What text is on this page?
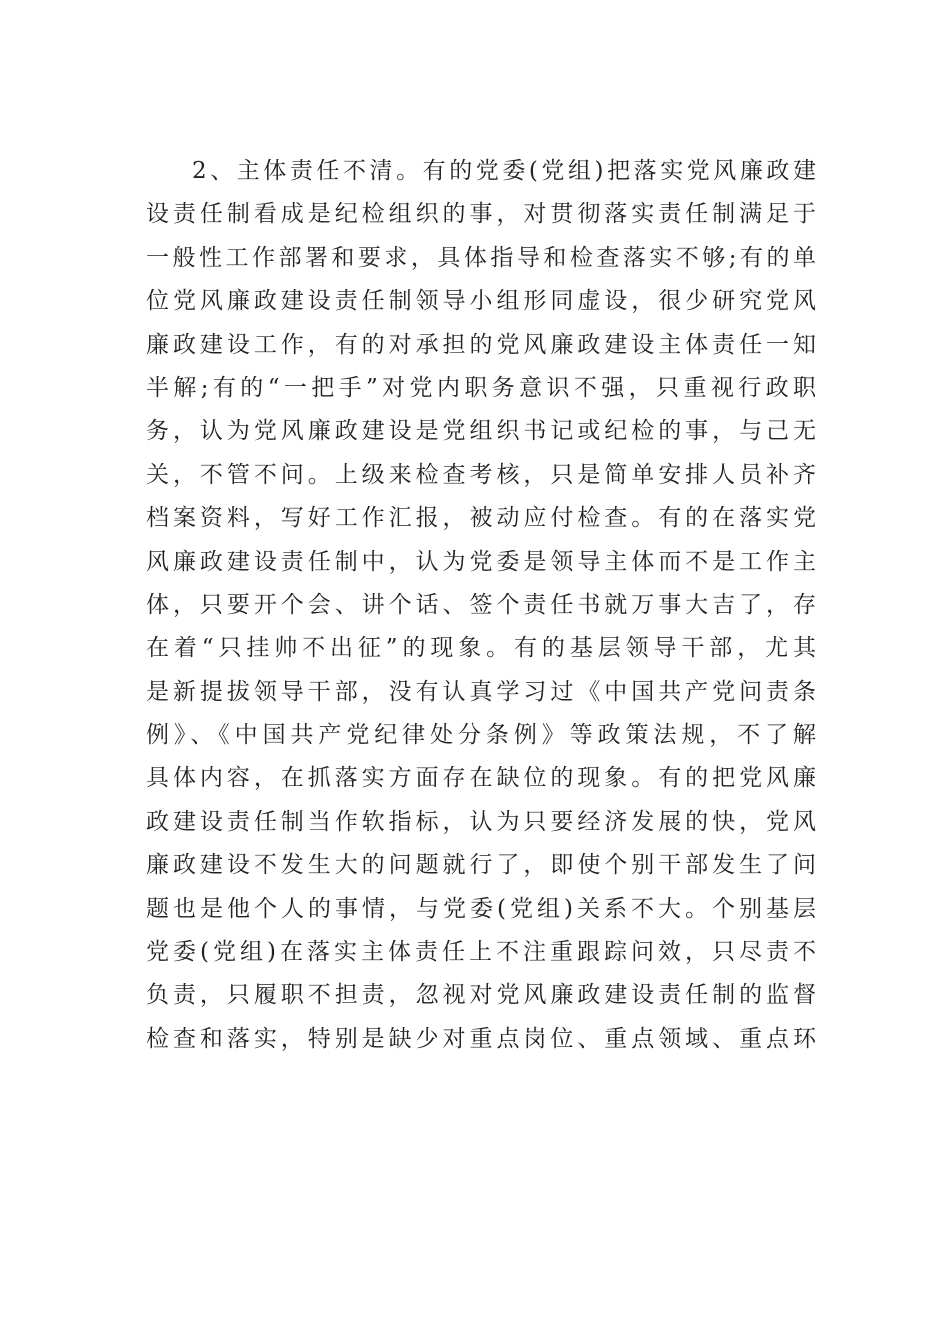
2、主体责任不清。有的党委(党组)把落实党风廉政建
设责任制看成是纪检组织的事，对贯彻落实责任制满足于
一般性工作部署和要求，具体指导和检查落实不够;有的单
位党风廉政建设责任制领导小组形同虚设，很少研究党风
廉政建设工作，有的对承担的党风廉政建设主体责任一知
半解;有的“一把手”对党内职务意识不强，只重视行政职
务，认为党风廉政建设是党组织书记或纪检的事，与己无
关，不管不问。上级来检查考核，只是简单安排人员补齐
档案资料，写好工作汇报，被动应付检查。有的在落实党
风廉政建设责任制中，认为党委是领导主体而不是工作主
体，只要开个会、讲个话、签个责任书就万事大吉了，存
在着“只挂帅不出征”的现象。有的基层领导干部，尤其
是新提拔领导干部，没有认真学习过《中国共产党问责条
例》、《中国共产党纪律处分条例》等政策法规，不了解
具体内容，在抓落实方面存在缺位的现象。有的把党风廉
政建设责任制当作软指标，认为只要经济发展的快，党风
廉政建设不发生大的问题就行了，即使个别干部发生了问
题也是他个人的事情，与党委(党组)关系不大。个别基层
党委(党组)在落实主体责任上不注重跟踪问效，只尽责不
负责，只履职不担责，忽视对党风廉政建设责任制的监督
检查和落实，特别是缺少对重点岗位、重点领域、重点环
